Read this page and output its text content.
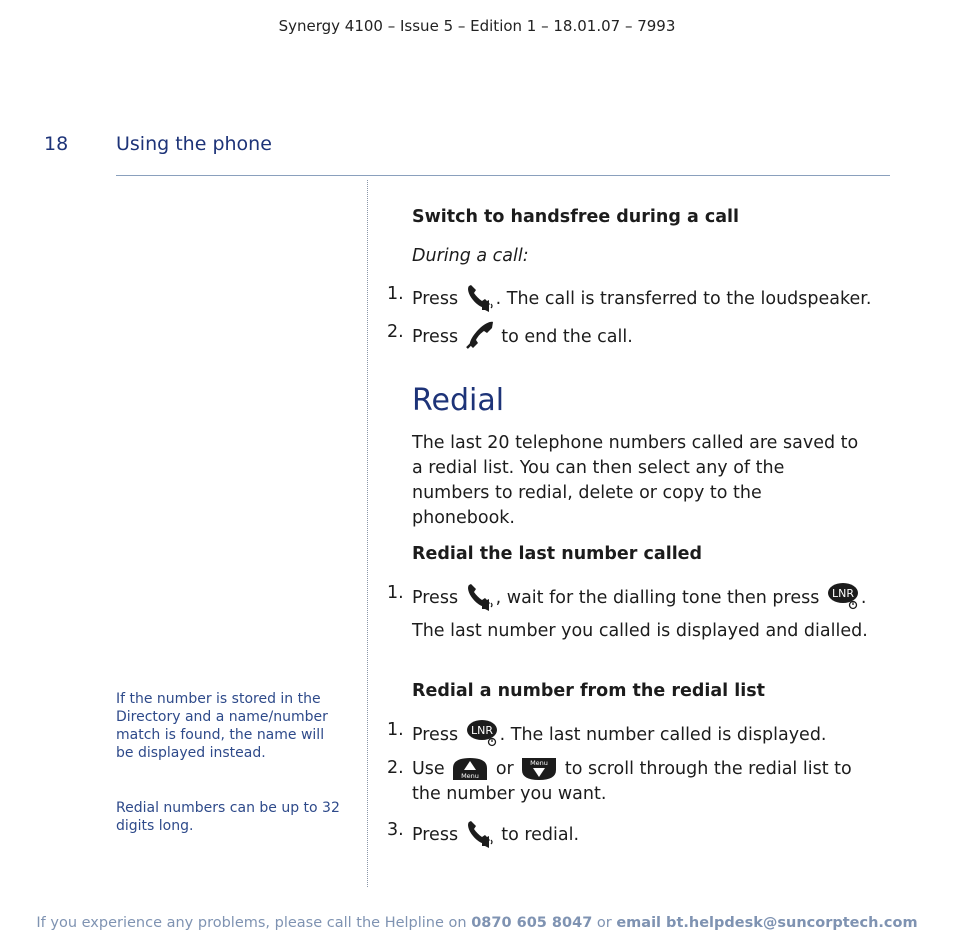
Synergy 4100 – Issue 5 – Edition 1 – 18.01.07 – 7993
18	Using the phone
Switch to handsfree during a call
During a call:
1. Press . The call is transferred to the loudspeaker.
2. Press
to end the call.
Redial
The last 20 telephone numbers called are saved to a redial list. You can then select any of the numbers to redial, delete or copy to the phonebook.
Redial the last number called
1. Press , wait for the dialling tone then press LNR .
The last number you called is displayed and dialled.
Redial a number from the redial list
1. Press LNR . The last number called is displayed.
2. Use	Menu or Menu to scroll through the redial list to the number you want.
3. Press
to redial.
If the number is stored in the Directory and a name/number match is found, the name will be displayed instead.
Redial numbers can be up to 32 digits long.
If you experience any problems, please call the Helpline on 0870 605 8047 or email bt.helpdesk@suncorptech.com
